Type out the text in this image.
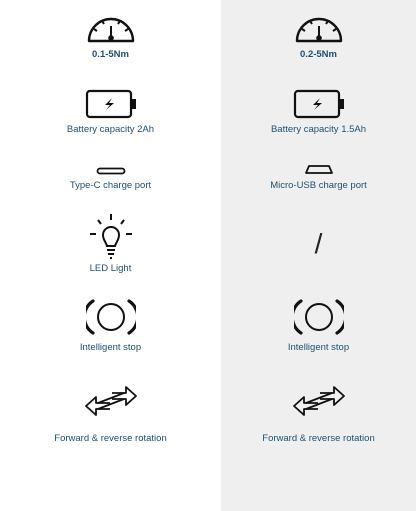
0.1-5Nm
Battery capacity 2Ah
Type-C charge port
LED Light
Intelligent stop
Forward & reverse rotation
0.2-5Nm
Battery capacity 1.5Ah
Micro-USB charge port
/
Intelligent stop
Forward & reverse rotation
